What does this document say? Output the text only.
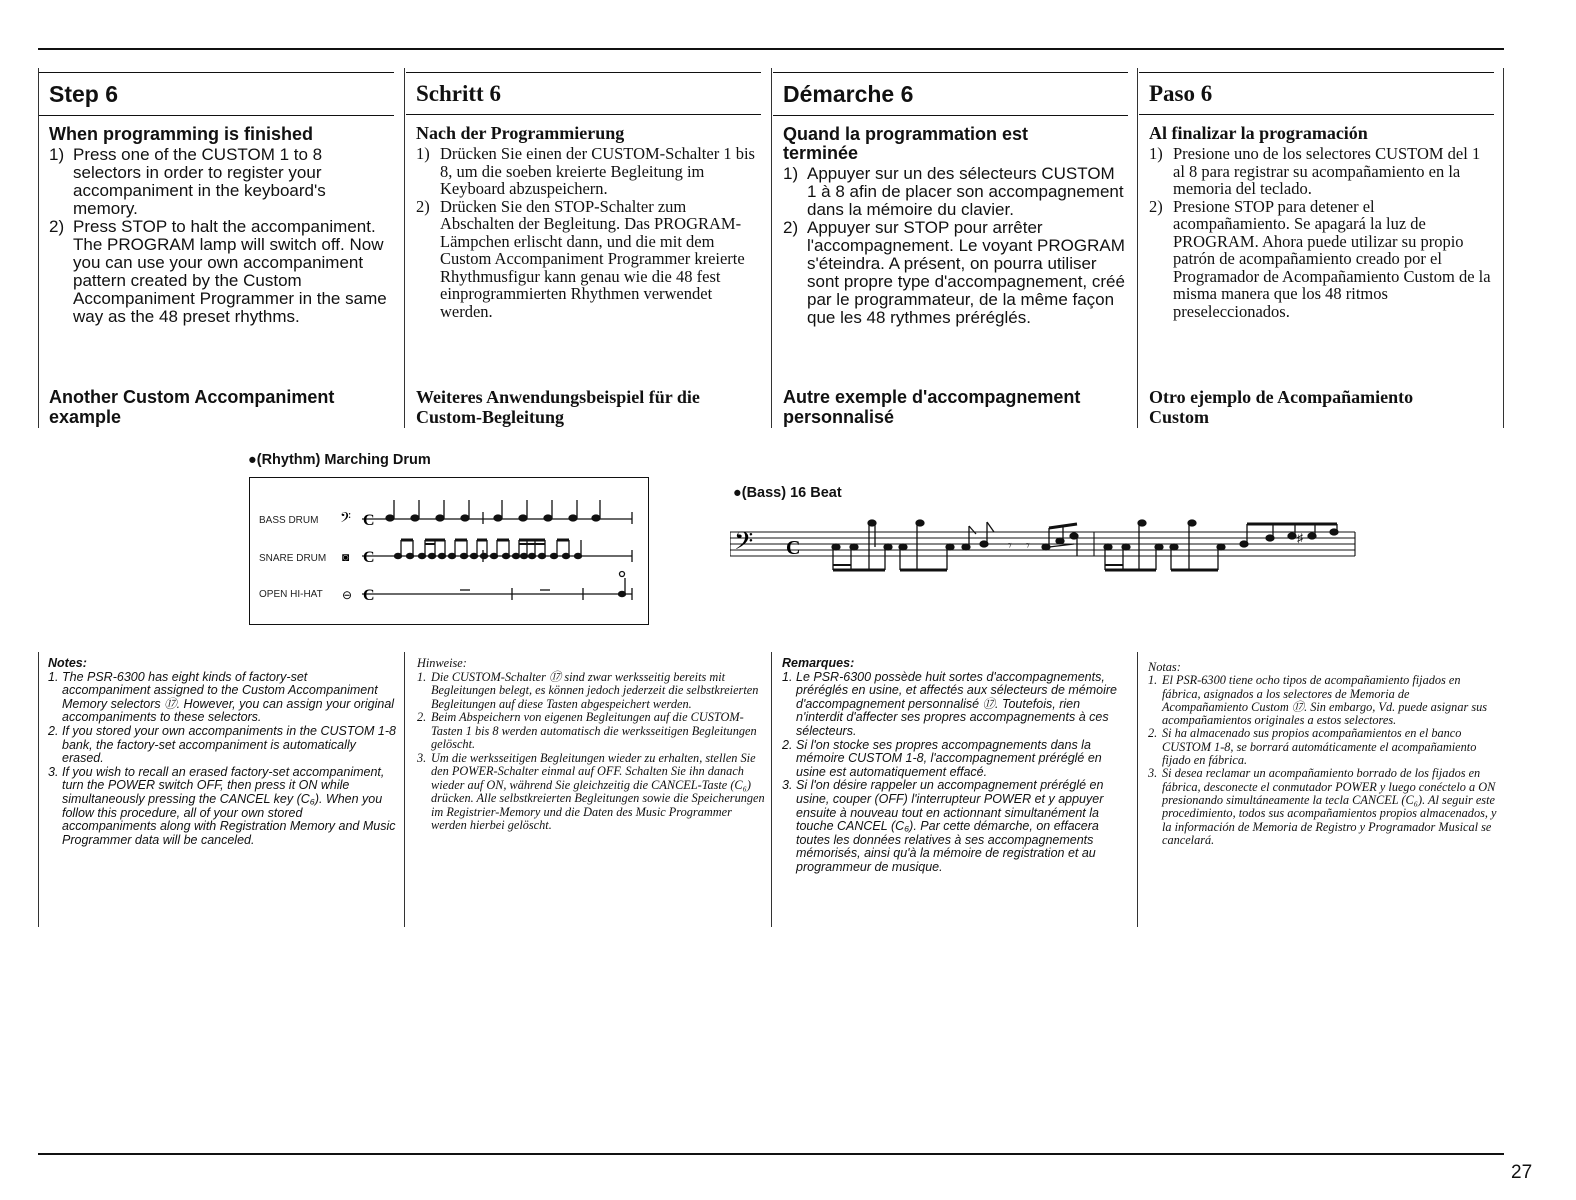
Step 6
When programming is finished
1) Press one of the CUSTOM 1 to 8 selectors in order to register your accompaniment in the keyboard's memory.
2) Press STOP to halt the accompaniment. The PROGRAM lamp will switch off. Now you can use your own accompaniment pattern created by the Custom Accompaniment Programmer in the same way as the 48 preset rhythms.
Another Custom Accompaniment example
Schritt 6
Nach der Programmierung
1) Drücken Sie einen der CUSTOM-Schalter 1 bis 8, um die soeben kreierte Begleitung im Keyboard abzuspeichern.
2) Drücken Sie den STOP-Schalter zum Abschalten der Begleitung. Das PROGRAM-Lämpchen erlischt dann, und die mit dem Custom Accompaniment Programmer kreierte Rhythmusfigur kann genau wie die 48 fest einprogrammierten Rhythmen verwendet werden.
Weiteres Anwendungsbeispiel für die Custom-Begleitung
Démarche 6
Quand la programmation est terminée
1) Appuyer sur un des sélecteurs CUSTOM 1 à 8 afin de placer son accompagnement dans la mémoire du clavier.
2) Appuyer sur STOP pour arrêter l'accompagnement. Le voyant PROGRAM s'éteindra. A présent, on pourra utiliser sont propre type d'accompagnement, créé par le programmateur, de la même façon que les 48 rythmes préréglés.
Autre exemple d'accompagnement personnalisé
Paso 6
Al finalizar la programación
1) Presione uno de los selectores CUSTOM del 1 al 8 para registrar su acompañamiento en la memoria del teclado.
2) Presione STOP para detener el acompañamiento. Se apagará la luz de PROGRAM. Ahora puede utilizar su propio patrón de acompañamiento creado por el Programador de Acompañamiento Custom de la misma manera que los 48 ritmos preseleccionados.
Otro ejemplo de Acompañamiento Custom
●(Rhythm) Marching Drum
BASS DRUM
SNARE DRUM
OPEN HI-HAT
𝄢
◙
⊖
C
C
C
●(Bass) 16 Beat
𝄢 C	𝄾 𝄾
♯
Notes:
1. The PSR-6300 has eight kinds of factory-set accompaniment assigned to the Custom Accompaniment Memory selectors ⑰. However, you can assign your original accompaniments to these selectors.
2. If you stored your own accompaniments in the CUSTOM 1-8 bank, the factory-set accompaniment is automatically erased.
3. If you wish to recall an erased factory-set accompaniment, turn the POWER switch OFF, then press it ON while simultaneously pressing the CANCEL key (C₆). When you follow this procedure, all of your own stored accompaniments along with Registration Memory and Music Programmer data will be canceled.
Hinweise:
1. Die CUSTOM-Schalter ⑰ sind zwar werksseitig bereits mit Begleitungen belegt, es können jedoch jederzeit die selbstkreierten Begleitungen auf diese Tasten abgespeichert werden.
2. Beim Abspeichern von eigenen Begleitungen auf die CUSTOM-Tasten 1 bis 8 werden automatisch die werksseitigen Begleitungen gelöscht.
3. Um die werksseitigen Begleitungen wieder zu erhalten, stellen Sie den POWER-Schalter einmal auf OFF. Schalten Sie ihn danach wieder auf ON, während Sie gleichzeitig die CANCEL-Taste (C₆) drücken. Alle selbstkreierten Begleitungen sowie die Speicherungen im Registrier-Memory und die Daten des Music Programmer werden hierbei gelöscht.
Remarques:
1. Le PSR-6300 possède huit sortes d'accompagnements, préréglés en usine, et affectés aux sélecteurs de mémoire d'accompagnement personnalisé ⑰. Toutefois, rien n'interdit d'affecter ses propres accompagnements à ces sélecteurs.
2. Si l'on stocke ses propres accompagnements dans la mémoire CUSTOM 1-8, l'accompagnement préréglé en usine est automatiquement effacé.
3. Si l'on désire rappeler un accompagnement préréglé en usine, couper (OFF) l'interrupteur POWER et y appuyer ensuite à nouveau tout en actionnant simultanément la touche CANCEL (C₆). Par cette démarche, on effacera toutes les données relatives à ses accompagnements mémorisés, ainsi qu'à la mémoire de registration et au programmeur de musique.
Notas:
1. El PSR-6300 tiene ocho tipos de acompañamiento fijados en fábrica, asignados a los selectores de Memoria de Acompañamiento Custom ⑰. Sin embargo, Vd. puede asignar sus acompañamientos originales a estos selectores.
2. Si ha almacenado sus propios acompañamientos en el banco CUSTOM 1-8, se borrará automáticamente el acompañamiento fijado en fábrica.
3. Si desea reclamar un acompañamiento borrado de los fijados en fábrica, desconecte el conmutador POWER y luego conéctelo a ON presionando simultáneamente la tecla CANCEL (C₆). Al seguir este procedimiento, todos sus acompañamientos propios almacenados, y la información de Memoria de Registro y Programador Musical se cancelará.
27
